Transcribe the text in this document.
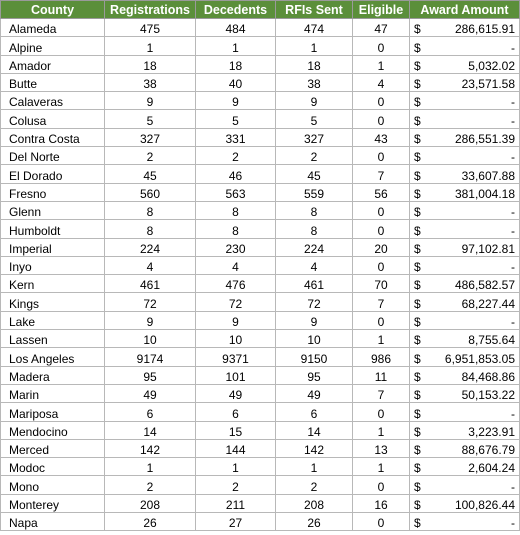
County	Registrations	Decedents	RFIs Sent	Eligible	Award Amount
Alameda	475	484	474	47	$ 286,615.91

Alpine	1	1	1	0	$ -

Amador	18	18	18	1	$ 5,032.02

Butte	38	40	38	4	$ 23,571.58

Calaveras	9	9	9	0	$ -

Colusa	5	5	5	0	$ -

Contra Costa	327	331	327	43	$ 286,551.39

Del Norte	2	2	2	0	$ -

El Dorado	45	46	45	7	$ 33,607.88

Fresno	560	563	559	56	$ 381,004.18

Glenn	8	8	8	0	$ -

Humboldt	8	8	8	0	$ -

Imperial	224	230	224	20	$ 97,102.81

Inyo	4	4	4	0	$ -

Kern	461	476	461	70	$ 486,582.57

Kings	72	72	72	7	$ 68,227.44

Lake	9	9	9	0	$ -

Lassen	10	10	10	1	$ 8,755.64

Los Angeles	9174	9371	9150	986	$ 6,951,853.05

Madera	95	101	95	11	$ 84,468.86

Marin	49	49	49	7	$ 50,153.22

Mariposa	6	6	6	0	$ -

Mendocino	14	15	14	1	$ 3,223.91

Merced	142	144	142	13	$ 88,676.79

Modoc	1	1	1	1	$ 2,604.24

Mono	2	2	2	0	$ -

Monterey	208	211	208	16	$ 100,826.44

Napa	26	27	26	0	$ -
